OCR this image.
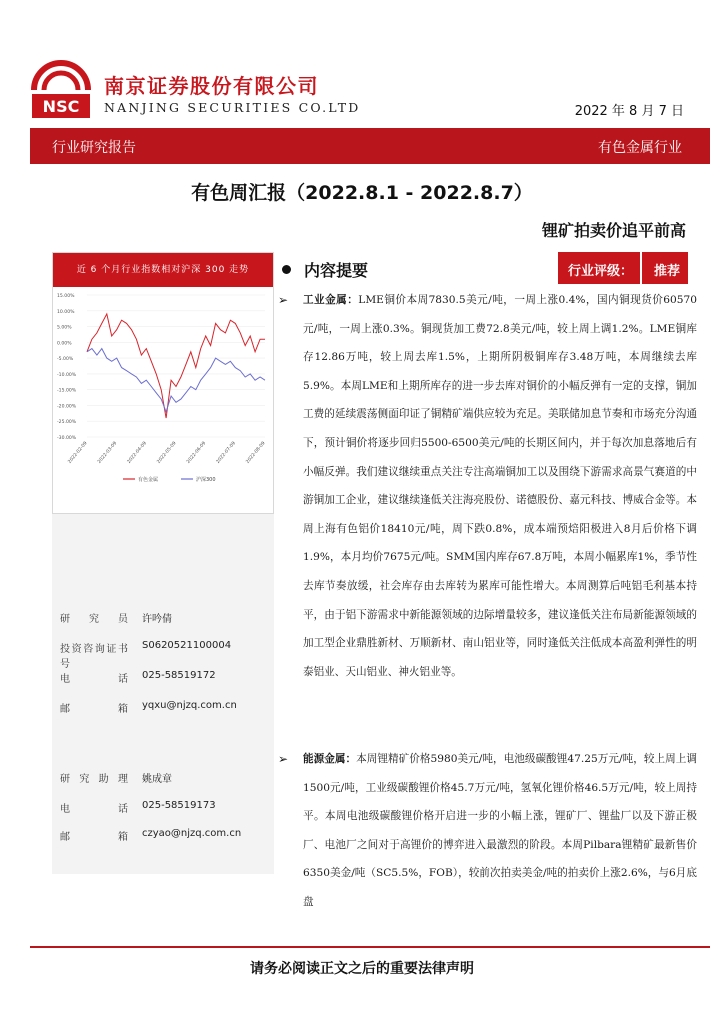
NSC
南京证券股份有限公司
NANJING SECURITIES CO.LTD	2022 年 8 月 7 日
行业研究报告	有色金属行业
有色周汇报（2022.8.1 - 2022.8.7）
锂矿拍卖价追平前高
近 6 个月行业指数相对沪深 300 走势
15.00%
10.00%
5.00%
0.00%
-5.00%
-10.00%
-15.00%
-20.00%
-25.00%
-30.00%
2022-02-09 2022-03-09 2022-04-09 2022-05-09 2022-06-09 2022-07-09 2022-08-09
有色金属	沪深300
研 究 员 许吟倩
投资咨询证书号
S0620521100004
电 话 025-58519172
邮 箱 yqxu@njzq.com.cn
研 究 助 理 姚成章
电 话 025-58519173
邮 箱 czyao@njzq.com.cn
内容提要	行业评级： 推荐
➢ 工业金属：LME铜价本周7830.5美元/吨，一周上涨0.4%，国内铜现货价60570元/吨，一周上涨0.3%。铜现货加工费72.8美元/吨，较上周上调1.2%。LME铜库存12.86万吨，较上周去库1.5%，上期所阴极铜库存3.48万吨，本周继续去库5.9%。本周LME和上期所库存的进一步去库对铜价的小幅反弹有一定的支撑，铜加工费的延续震荡侧面印证了铜精矿端供应较为充足。美联储加息节奏和市场充分沟通下，预计铜价将逐步回归5500-6500美元/吨的长期区间内，并于每次加息落地后有小幅反弹。我们建议继续重点关注专注高端铜加工以及围绕下游需求高景气赛道的中游铜加工企业，建议继续逢低关注海亮股份、诺德股份、嘉元科技、博威合金等。本周上海有色铝价18410元/吨，周下跌0.8%，成本端预焙阳极进入8月后价格下调1.9%，本月均价7675元/吨。SMM国内库存67.8万吨，本周小幅累库1%，季节性去库节奏放缓，社会库存由去库转为累库可能性增大。本周测算后吨铝毛利基本持平，由于铝下游需求中新能源领域的边际增量较多，建议逢低关注布局新能源领域的加工型企业鼎胜新材、万顺新材、南山铝业等，同时逢低关注低成本高盈利弹性的明泰铝业、天山铝业、神火铝业等。
➢ 能源金属：本周锂精矿价格5980美元/吨，电池级碳酸锂47.25万元/吨，较上周上调1500元/吨，工业级碳酸锂价格45.7万元/吨，氢氧化锂价格46.5万元/吨，较上周持平。本周电池级碳酸锂价格开启进一步的小幅上涨，锂矿厂、锂盐厂以及下游正极厂、电池厂之间对于高锂价的博弈进入最激烈的阶段。本周Pilbara锂精矿最新售价6350美金/吨（SC5.5%，FOB），较前次拍卖美金/吨的拍卖价上涨2.6%，与6月底盘
请务必阅读正文之后的重要法律声明
